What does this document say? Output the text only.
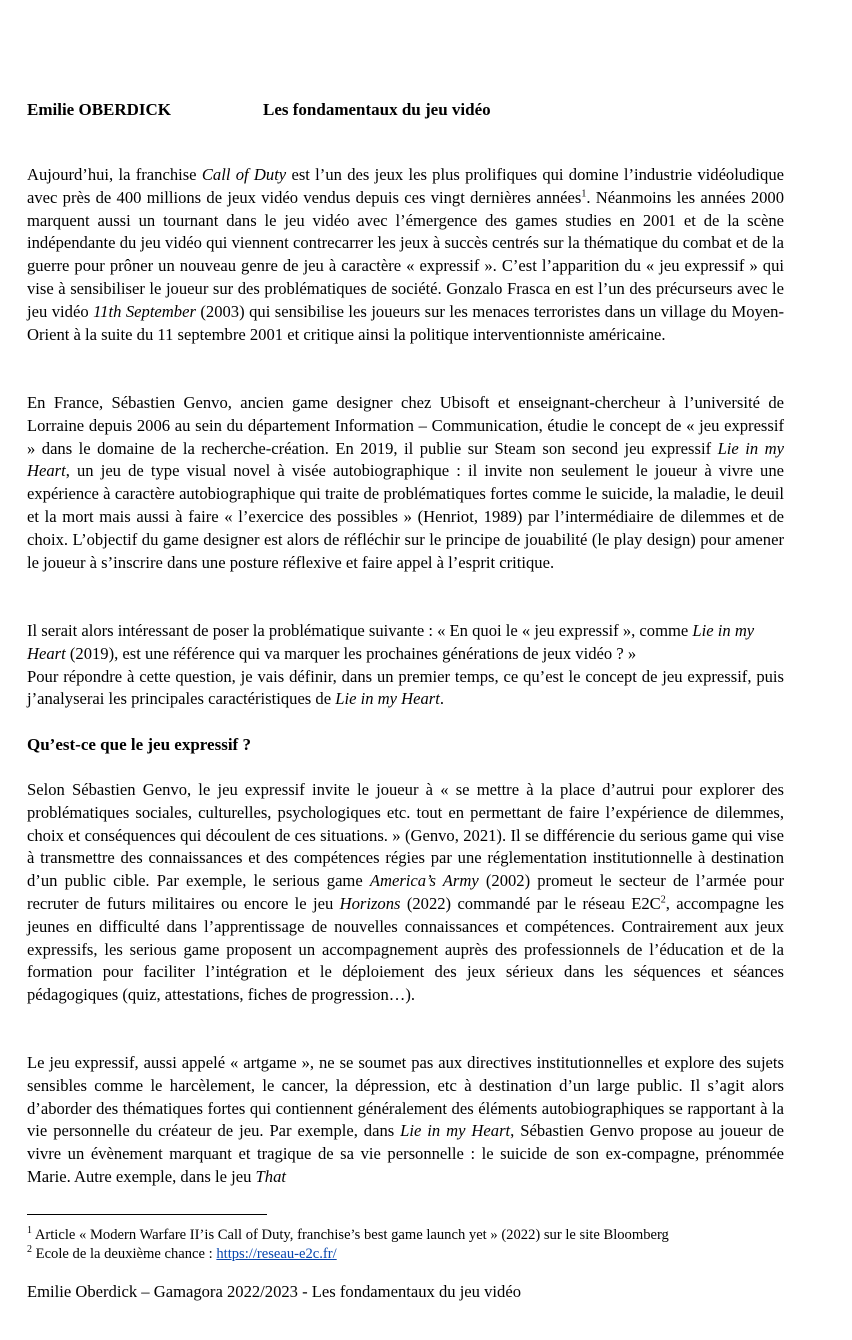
Emilie OBERDICK	Les fondamentaux du jeu vidéo

Aujourd’hui, la franchise Call of Duty est l’un des jeux les plus prolifiques qui domine l’industrie vidéoludique avec près de 400 millions de jeux vidéo vendus depuis ces vingt dernières années$^1$. Néanmoins les années 2000 marquent aussi un tournant dans le jeu vidéo avec l’émergence des games studies en 2001 et de la scène indépendante du jeu vidéo qui viennent contrecarrer les jeux à succès centrés sur la thématique du combat et de la guerre pour prôner un nouveau genre de jeu à caractère « expressif ». C’est l’apparition du « jeu expressif » qui vise à sensibiliser le joueur sur des problématiques de société. Gonzalo Frasca en est l’un des précurseurs avec le jeu vidéo 11th September (2003) qui sensibilise les joueurs sur les menaces terroristes dans un village du Moyen-Orient à la suite du 11 septembre 2001 et critique ainsi la politique interventionniste américaine.

En France, Sébastien Genvo, ancien game designer chez Ubisoft et enseignant-chercheur à l’université de Lorraine depuis 2006 au sein du département Information – Communication, étudie le concept de « jeu expressif » dans le domaine de la recherche-création. En 2019, il publie sur Steam son second jeu expressif Lie in my Heart, un jeu de type visual novel à visée autobiographique : il invite non seulement le joueur à vivre une expérience à caractère autobiographique qui traite de problématiques fortes comme le suicide, la maladie, le deuil et la mort mais aussi à faire « l’exercice des possibles » (Henriot, 1989) par l’intermédiaire de dilemmes et de choix. L’objectif du game designer est alors de réfléchir sur le principe de jouabilité (le play design) pour amener le joueur à s’inscrire dans une posture réflexive et faire appel à l’esprit critique.

Il serait alors intéressant de poser la problématique suivante : « En quoi le « jeu expressif », comme Lie in my Heart (2019), est une référence qui va marquer les prochaines générations de jeux vidéo ? »

Pour répondre à cette question, je vais définir, dans un premier temps, ce qu’est le concept de jeu expressif, puis j’analyserai les principales caractéristiques de Lie in my Heart.

Qu’est-ce que le jeu expressif ?

Selon Sébastien Genvo, le jeu expressif invite le joueur à « se mettre à la place d’autrui pour explorer des problématiques sociales, culturelles, psychologiques etc. tout en permettant de faire l’expérience de dilemmes, choix et conséquences qui découlent de ces situations. » (Genvo, 2021). Il se différencie du serious game qui vise à transmettre des connaissances et des compétences régies par une réglementation institutionnelle à destination d’un public cible. Par exemple, le serious game America’s Army (2002) promeut le secteur de l’armée pour recruter de futurs militaires ou encore le jeu Horizons (2022) commandé par le réseau $E2C^2$, accompagne les jeunes en difficulté dans l’apprentissage de nouvelles connaissances et compétences. Contrairement aux jeux expressifs, les serious game proposent un accompagnement auprès des professionnels de l’éducation et de la formation pour faciliter l’intégration et le déploiement des jeux sérieux dans les séquences et séances pédagogiques (quiz, attestations, fiches de progression…).

Le jeu expressif, aussi appelé « artgame », ne se soumet pas aux directives institutionnelles et explore des sujets sensibles comme le harcèlement, le cancer, la dépression, etc à destination d’un large public. Il s’agit alors d’aborder des thématiques fortes qui contiennent généralement des éléments autobiographiques se rapportant à la vie personnelle du créateur de jeu. Par exemple, dans Lie in my Heart, Sébastien Genvo propose au joueur de vivre un évènement marquant et tragique de sa vie personnelle : le suicide de son ex-compagne, prénommée Marie. Autre exemple, dans le jeu That

$^1$ Article « Modern Warfare II’is Call of Duty, franchise’s best game launch yet » (2022) sur le site Bloomberg
$^2$ Ecole de la deuxième chance : https://reseau-e2c.fr/
Emilie Oberdick – Gamagora 2022/2023 - Les fondamentaux du jeu vidéo
